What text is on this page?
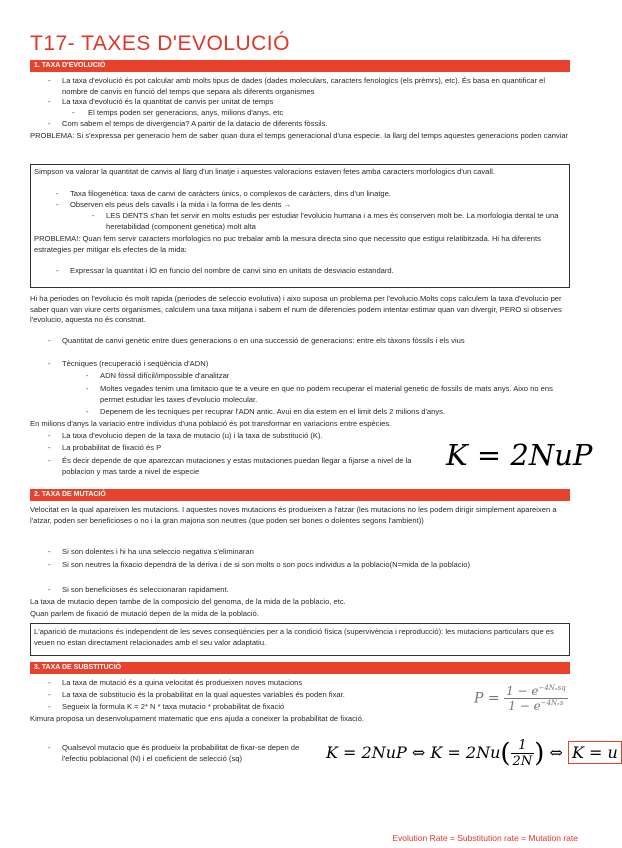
T17- TAXES D'EVOLUCIÓ
1. TAXA D'EVOLUCIÓ
- La taxa d'evolució és pot calcular amb molts tipus de dades (dades moleculars, caracters fenologics (els prèmrs), etc). És basa en quantificar el nombre de canvis en funció del temps que separa als diferents organismes
- La taxa d'evolució és la quantitat de canvis per unitat de temps
- El temps poden ser generacions, anys, milions d'anys, etc
- Com sabem el temps de divergencia? A partir de la datacio de diferents fòssils.
PROBLEMA: Si s'expressa per generacio hem de saber quan dura el temps generacional d'una especie. Ia llarg del temps aquestes generacions poden canviar
Simpson va valorar la quantitat de canvis al llarg d'un linatje i aquestes valoracions estaven fetes amba caracters morfologics d'un cavall.
- Taxa filogenètica: taxa de canvi de caràcters únics, o complexos de caràcters, dins d'un linatge.
- Observen els peus dels cavalls i la mida i la forma de les dents →
- LES DENTS s'han fet servir en molts estudis per estudiar l'evolucio humana i a mes és conserven molt be. La morfologia dental te una heretabilidad (component genetica) molt alta
PROBLEMA!: Quan fem servir caracters morfologics no puc trebalar amb la mesura directa sino que necessito que estigui relatibitzada. Hi ha diferents estrategies per mitigar els efectes de la mida:
- Expressar la quantitat i lO en funcio del nombre de canvi sino en unitats de desviacio estandard.
Hi ha periodes on l'evolucio és molt rapida (periodes de seleccio evolutiva) i aixo suposa un problema per l'evolucio.Molts cops calculem la taxa d'evolucio per saber quan van viure certs organismes, calculem una taxa mitjana i sabem el num de diferencies podem intentar estimar quan van divergir, PERO si observes l'evolucio, aquesta no és constnat.
- Quantitat de canvi genètic entre dues generacions o en una successió de generacions: entre els tàxons fòssils i els vius
- Tècniques (recuperació i seqüència d'ADN)
- ADN fòssil difícil/impossible d'analitzar
- Moltes vegades tenim una limitacio que te a veure en que no podem recuperar el material genetic de fossils de mats anys. Aixo no ens permet estudiar les taxes d'evolucio molecular.
- Depenem de les tecniques per recuprar l'ADN antic. Avui en dia estem en el limit dels 2 milions d'anys.
En milions d'anys la variacio entre individus d'una població és pot transformar en variacions entre espècies.
- La taxa d'evolucio depen de la taxa de mutacio (u) i la taxa de substitució (K).
- La probabilitat de fixació és P
- És decir depende de que aparezcan mutaciones y estas mutaciones puedan llegar a fijarse a nivel de la poblacion y mas tarde a nivel de especie	K = 2NuP
2. TAXA DE MUTACIÓ
Velocitat en la qual apareixen les mutacions. I aquestes noves mutacions és produeixen a l'atzar (les mutacions no les podem dirigir simplement apareixen a l'atzar, poden ser beneficioses o no i la gran majoria son neutres (que poden ser bones o dolentes segons l'ambient))
- Si son dolentes i hi ha una seleccio negativa s'eliminaran
- Si son neutres la fixacio dependra de la deriva i de si son molts o son pocs individus a la poblacio(N=mida de la poblacio)
- Si son beneficioses és seleccionaran rapidament.
La taxa de mutacio depen tambe de la composicio del genoma, de la mida de la poblacio, etc.
Quan parlem de fixació de mutació depen de la mida de la població.
L'aparició de mutacions és independent de les seves conseqüències per a la condició física (supervivència i reproducció): les mutacions particulars que es veuen no estan directament relacionades amb el seu valor adaptatiu.
3. TAXA DE SUBSTITUCIÓ
- La taxa de mutació és a quina velocitat és produeixen noves mutacions
- La taxa de substitucio és la probabilitat en la qual aquestes variables és poden fixar.
- Segueix la formula K = 2* N * taxa mutacio * probabilitat de fixació
Kimura proposa un desenvolupament matematic que ens ajuda a coneixer la probabilitat de fixació.
- Qualsevol mutacio que és produeix la probabilitat de fixar-se depen de l'efectiu poblacional (N) i el coeficient de selecció (sq)
$P = \frac{1 - e^{-4N_esq}}{1 - e^{-4N_es}}$
K = 2NuP ⇔ $K = 2Nu( \frac{1}{2N}$ ) ⇔ K = u
Evolution Rate = Substitution rate = Mutation rate
